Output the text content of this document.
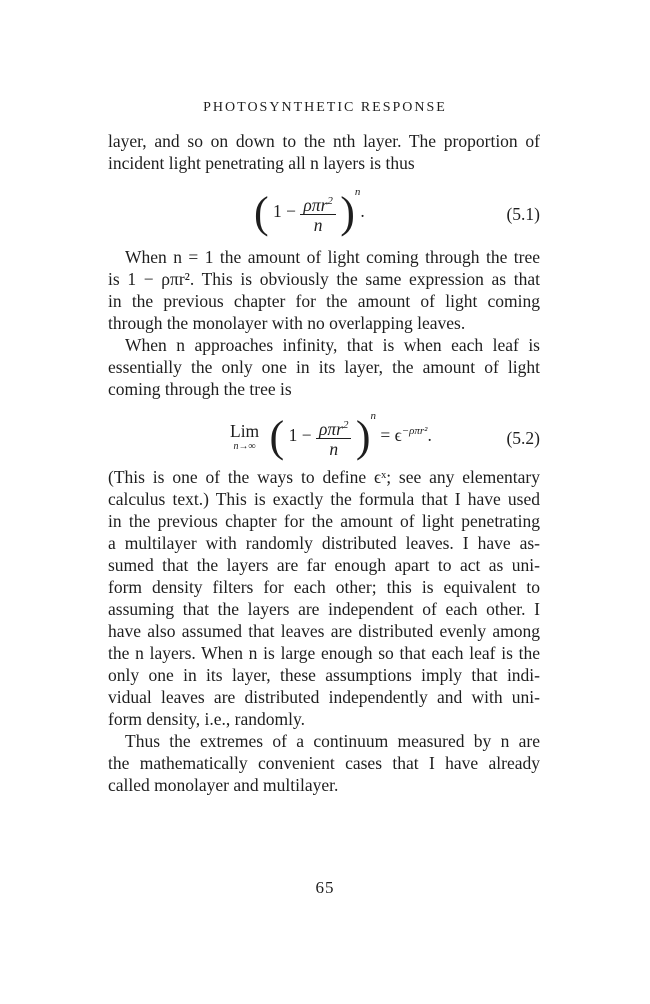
PHOTOSYNTHETIC RESPONSE

layer, and so on down to the nth layer. The proportion of

incident light penetrating all n layers is thus

( $1 - \frac{\rho\pi r^2}{n} )^n$.	(5.1)

When n = 1 the amount of light coming through the tree

is 1 − ρπr². This is obviously the same expression as that

in the previous chapter for the amount of light coming

through the monolayer with no overlapping leaves.

When n approaches infinity, that is when each leaf is

essentially the only one in its layer, the amount of light

coming through the tree is

Lim
n→∞ ( $1 - \frac{\rho\pi r^2}{n} )^n = \epsilon^{-\rho\pi r^2}$.	(5.2)

(This is one of the ways to define ϵˣ; see any elementary

calculus text.) This is exactly the formula that I have used

in the previous chapter for the amount of light penetrating

a multilayer with randomly distributed leaves. I have as-

sumed that the layers are far enough apart to act as uni-

form density filters for each other; this is equivalent to

assuming that the layers are independent of each other. I

have also assumed that leaves are distributed evenly among

the n layers. When n is large enough so that each leaf is the

only one in its layer, these assumptions imply that indi-

vidual leaves are distributed independently and with uni-

form density, i.e., randomly.

Thus the extremes of a continuum measured by n are

the mathematically convenient cases that I have already

called monolayer and multilayer.

65
